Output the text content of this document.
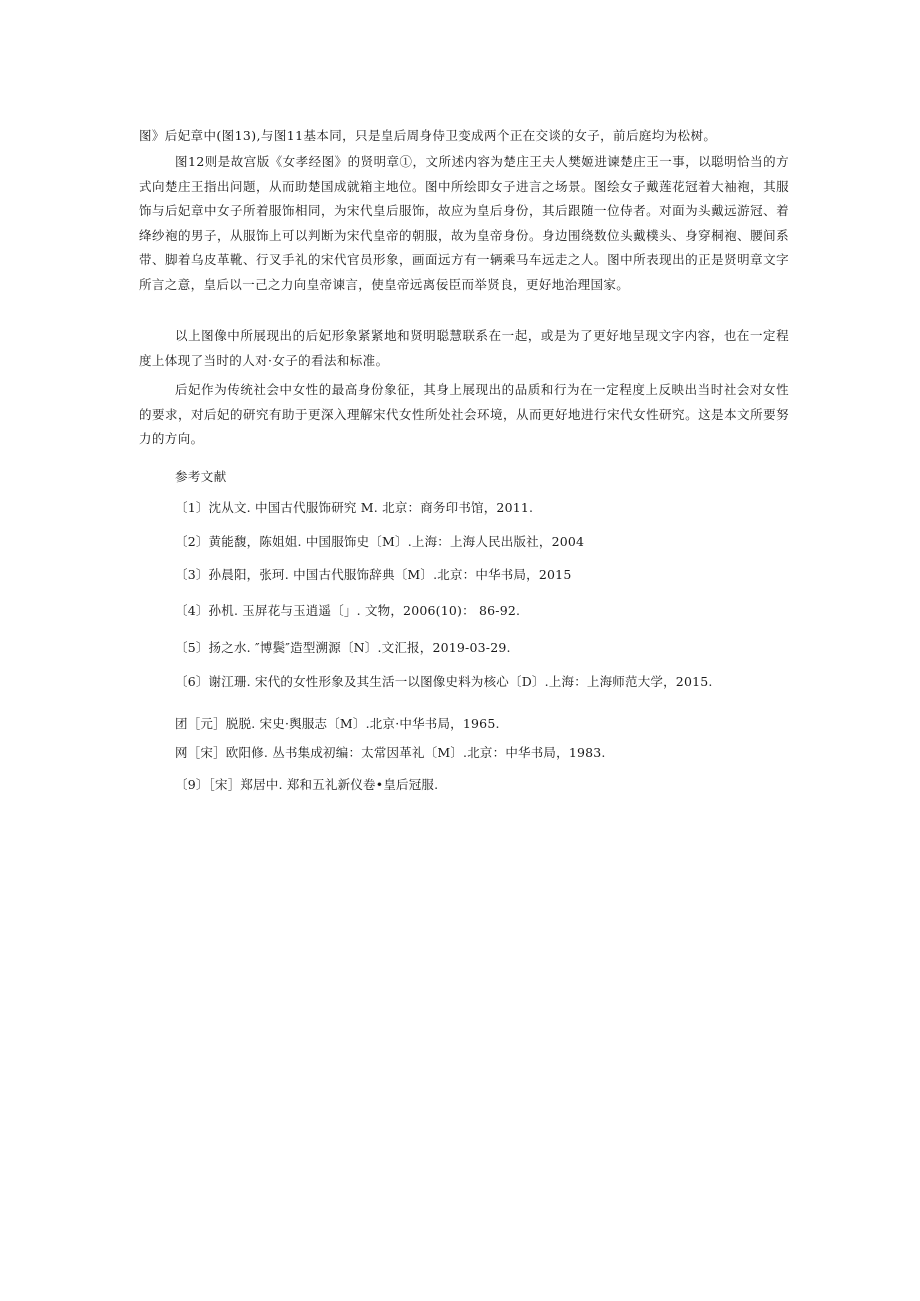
图》后妃章中(图13),与图11基本同，只是皇后周身侍卫变成两个正在交谈的女子，前后庭均为松树。

图12则是故宫版《女孝经图》的贤明章①，文所述内容为楚庄王夫人樊姬进谏楚庄王一事，以聪明恰当的方式向楚庄王指出问题，从而助楚国成就箱主地位。图中所绘即女子进言之场景。图绘女子戴莲花冠着大袖袍，其服饰与后妃章中女子所着服饰相同，为宋代皇后服饰，故应为皇后身份，其后跟随一位侍者。对面为头戴远游冠、着绛纱袍的男子，从服饰上可以判断为宋代皇帝的朝服，故为皇帝身份。身边围绕数位头戴樸头、身穿桐袍、腰间系带、脚着乌皮革靴、行叉手礼的宋代官员形象，画面远方有一辆乘马车远走之人。图中所表现出的正是贤明章文字所言之意，皇后以一己之力向皇帝谏言，使皇帝远离佞臣而举贤良，更好地治理国家。

以上图像中所展现出的后妃形象紧紧地和贤明聪慧联系在一起，或是为了更好地呈现文字内容，也在一定程度上体现了当时的人对·女子的看法和标准。

后妃作为传统社会中女性的最高身份象征，其身上展现出的品质和行为在一定程度上反映出当时社会对女性的要求，对后妃的研究有助于更深入理解宋代女性所处社会环境，从而更好地进行宋代女性研究。这是本文所要努力的方向。

参考文献

〔1〕沈从文. 中国古代服饰研究 M. 北京：商务印书馆，2011.

〔2〕黄能馥，陈姐姐. 中国服饰史〔M〕.上海：上海人民出版社，2004

〔3〕孙晨阳，张珂. 中国古代服饰辞典〔M〕.北京：中华书局，2015

〔4〕孙机. 玉屏花与玉逍遥〔」. 文物，2006(10)： 86-92.

〔5〕扬之水. ″博鬓″造型溯源〔N〕.文汇报，2019-03-29.

〔6〕谢江珊. 宋代的女性形象及其生活一以图像史料为核心〔D〕.上海：上海师范大学，2015.

团［元］脱脱. 宋史·舆服志〔M〕.北京·中华书局，1965.

网［宋］欧阳修. 丛书集成初编：太常因革礼〔M〕.北京：中华书局，1983.

〔9〕［宋］郑居中. 郑和五礼新仪卷•皇后冠服.
